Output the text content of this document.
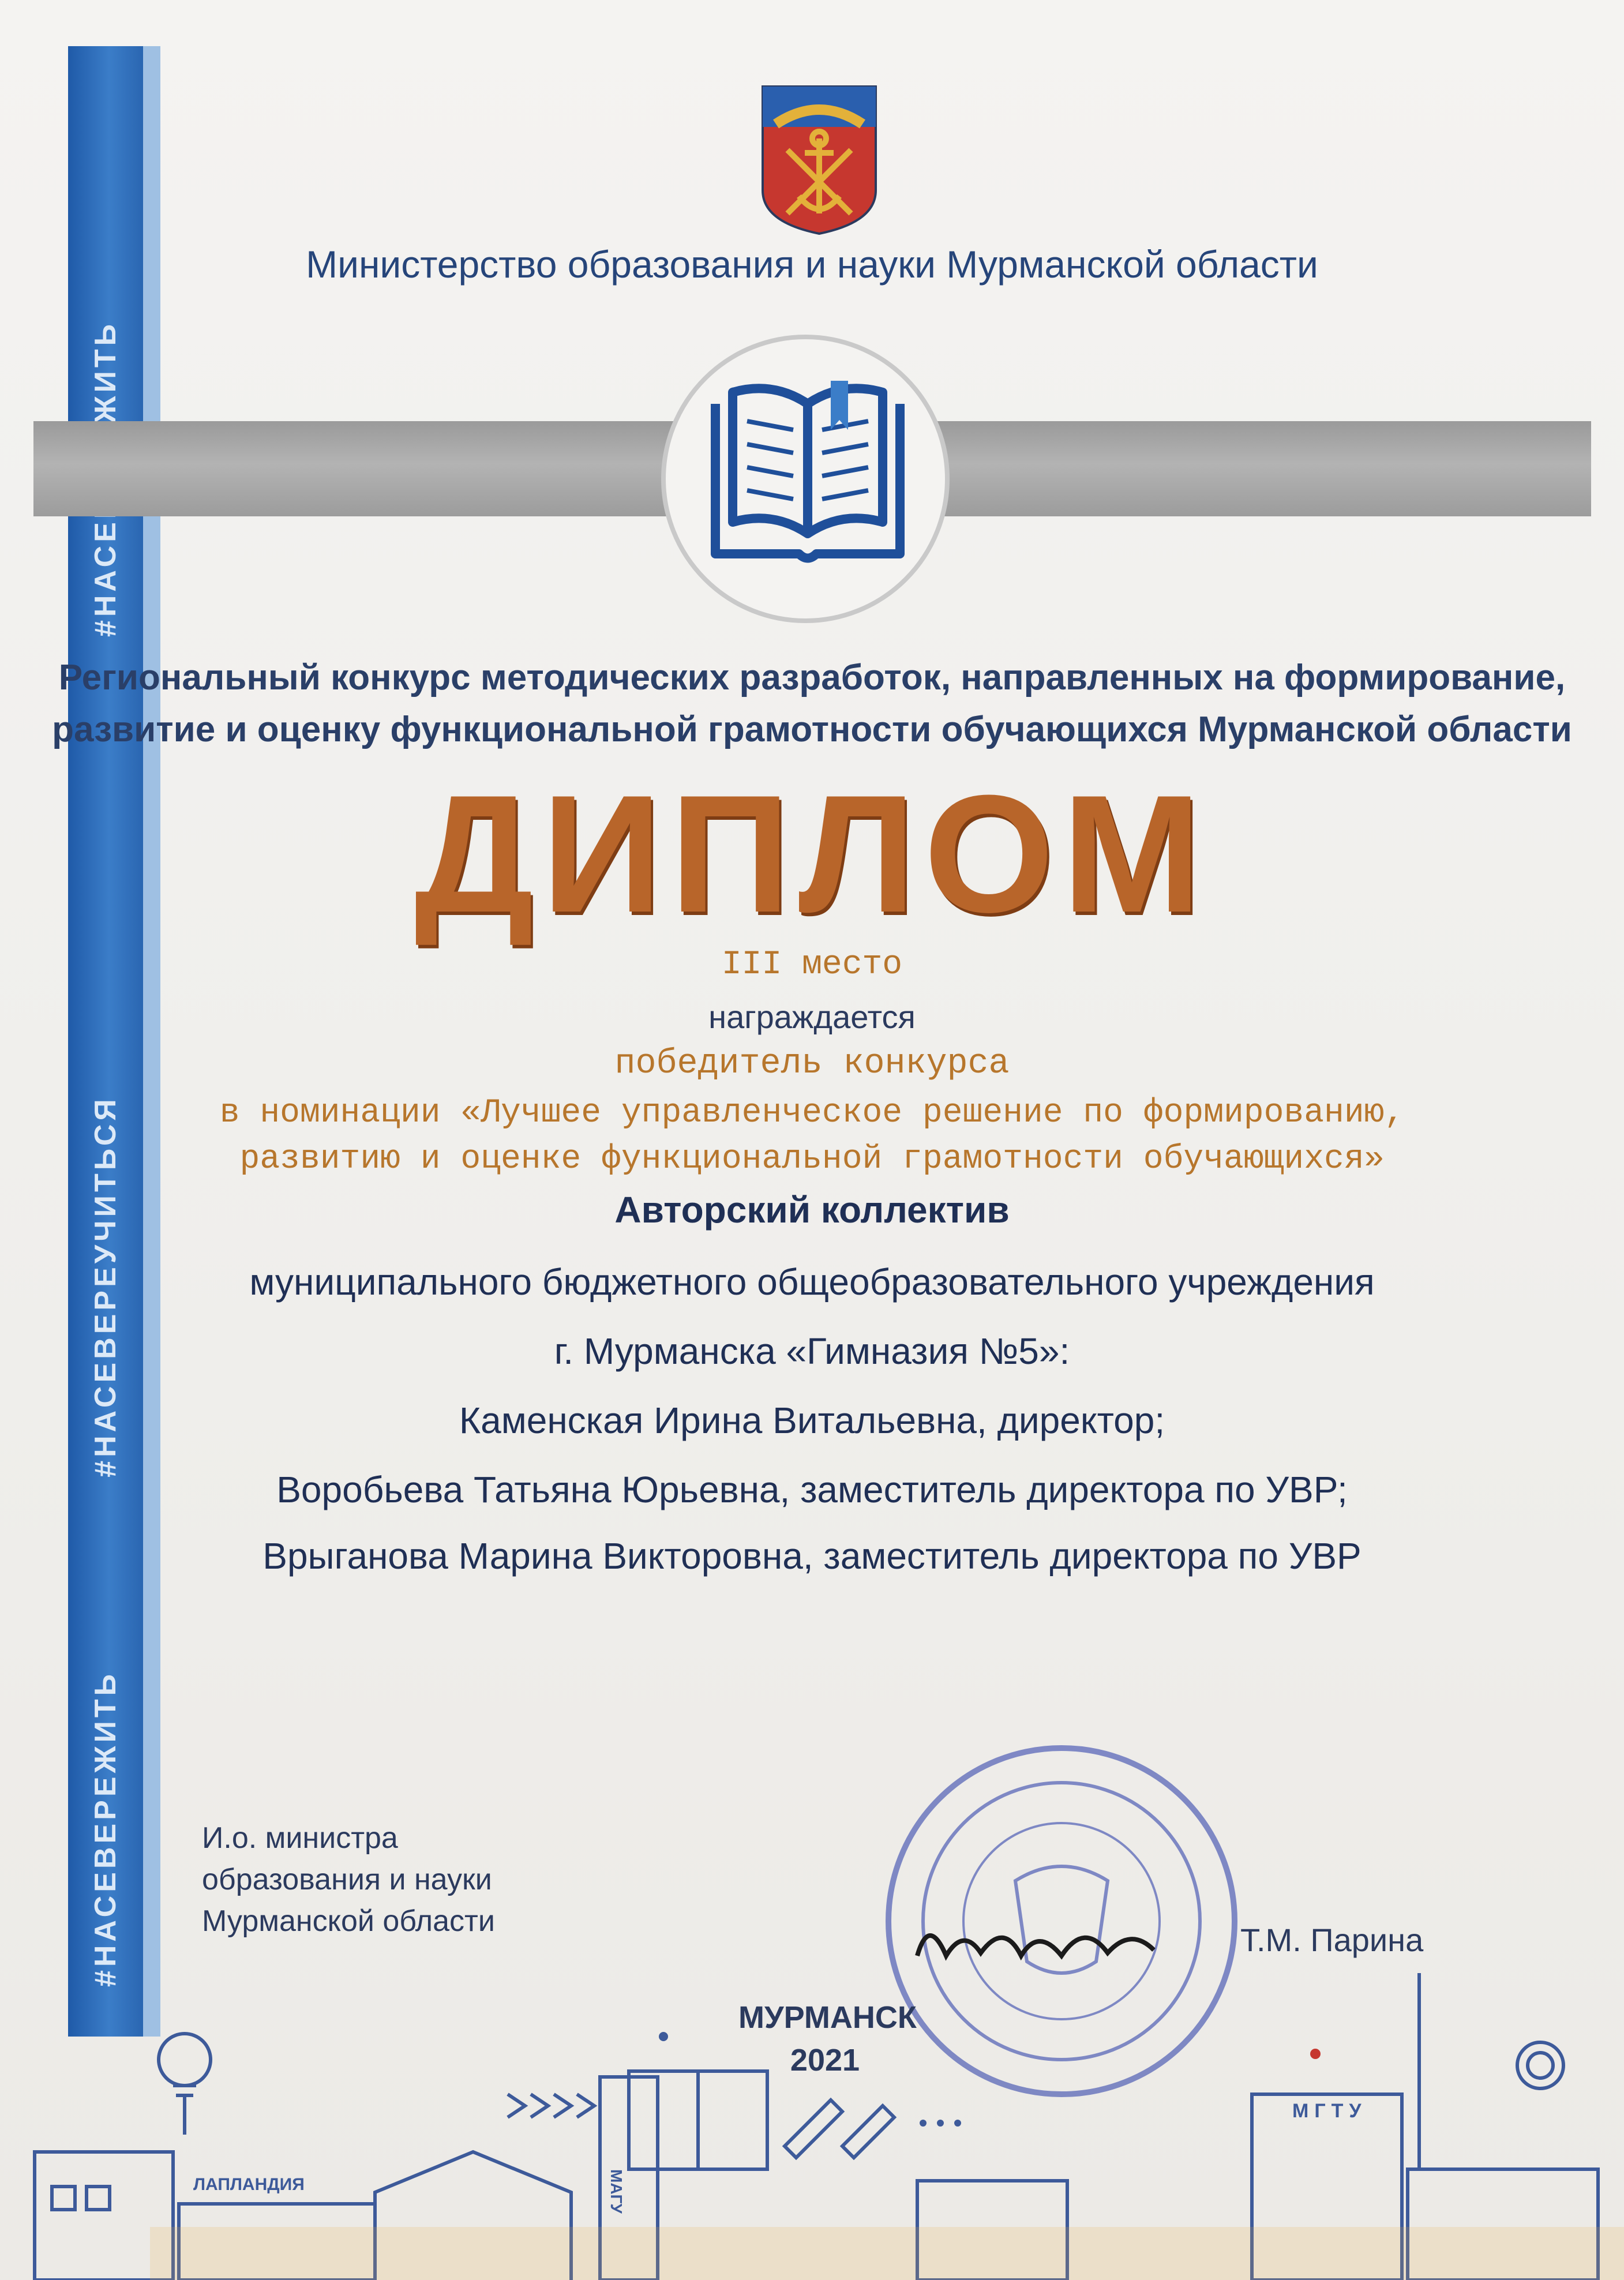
#НАСЕВЕРЕУЧИТЬСЯ
#НАСЕВЕРЕЖИТЬ
Министерство образования и науки Мурманской области
Региональный конкурс методических разработок, направленных на формирование,
развитие и оценку функциональной грамотности обучающихся Мурманской области
ДИПЛОМ
III место
награждается
победитель конкурса
в номинации «Лучшее управленческое решение по формированию,
развитию и оценке функциональной грамотности обучающихся»
Авторский коллектив
муниципального бюджетного общеобразовательного учреждения
г. Мурманска «Гимназия №5»:
Каменская Ирина Витальевна, директор;
Воробьева Татьяна Юрьевна, заместитель директора по УВР;
Врыганова Марина Викторовна, заместитель директора по УВР
И.о. министра
образования и науки
Мурманской области
Т.М. Парина
МУРМАНСК
2021
ЛАПЛАНДИЯ	МАГУ
МГТУ
